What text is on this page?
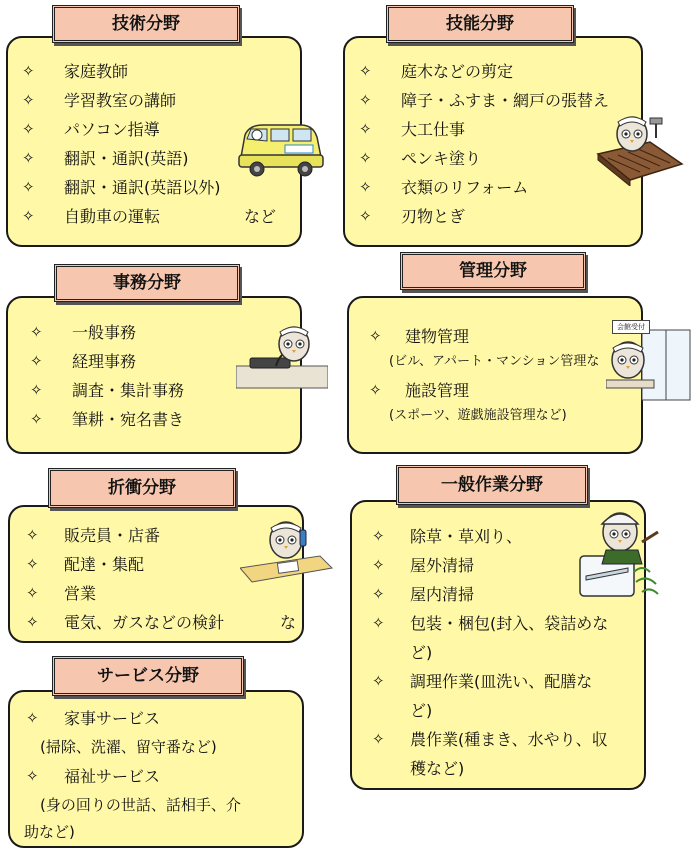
✧ 家庭教師
✧ 学習教室の講師
✧ パソコン指導
✧ 翻訳・通訳(英語)
✧ 翻訳・通訳(英語以外)
✧ 自動車の運転	など
技術分野
✧ 庭木などの剪定
✧ 障子・ふすま・網戸の張替え
✧ 大工仕事
✧ ペンキ塗り
✧ 衣類のリフォーム
✧ 刃物とぎ
技能分野
✧ 一般事務
✧ 経理事務
✧ 調査・集計事務
✧ 筆耕・宛名書き
事務分野
✧ 建物管理
(ビル、アパート・マンション管理な
✧ 施設管理
(スポーツ、遊戯施設管理など)
管理分野
会館受付
✧ 販売員・店番
✧ 配達・集配
✧ 営業
✧ 電気、ガスなどの検針	な
折衝分野
✧ 除草・草刈り、
✧ 屋外清掃
✧ 屋内清掃
✧ 包装・梱包(封入、袋詰めな
ど)
✧ 調理作業(皿洗い、配膳な
ど)
✧ 農作業(種まき、水やり、収
穫など)
一般作業分野
✧ 家事サービス
(掃除、洗濯、留守番など)
✧ 福祉サービス
(身の回りの世話、話相手、介
助など)
サービス分野
